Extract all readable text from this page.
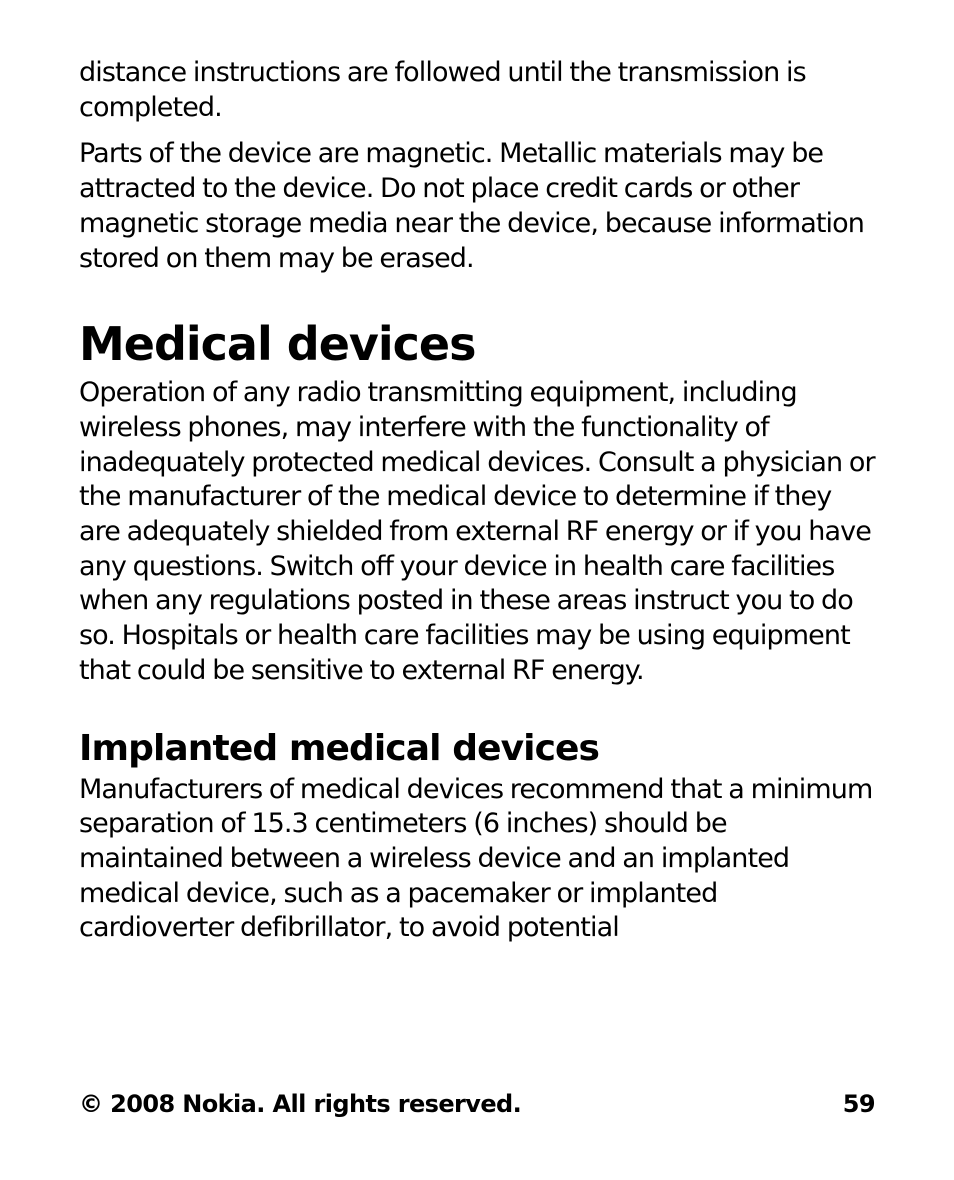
distance instructions are followed until the transmission is completed.

Parts of the device are magnetic. Metallic materials may be attracted to the device. Do not place credit cards or other magnetic storage media near the device, because information stored on them may be erased.

Medical devices

Operation of any radio transmitting equipment, including wireless phones, may interfere with the functionality of inadequately protected medical devices. Consult a physician or the manufacturer of the medical device to determine if they are adequately shielded from external RF energy or if you have any questions. Switch off your device in health care facilities when any regulations posted in these areas instruct you to do so. Hospitals or health care facilities may be using equipment that could be sensitive to external RF energy.

Implanted medical devices

Manufacturers of medical devices recommend that a minimum separation of 15.3 centimeters (6 inches) should be maintained between a wireless device and an implanted medical device, such as a pacemaker or implanted cardioverter defibrillator, to avoid potential

© 2008 Nokia. All rights reserved.	59
